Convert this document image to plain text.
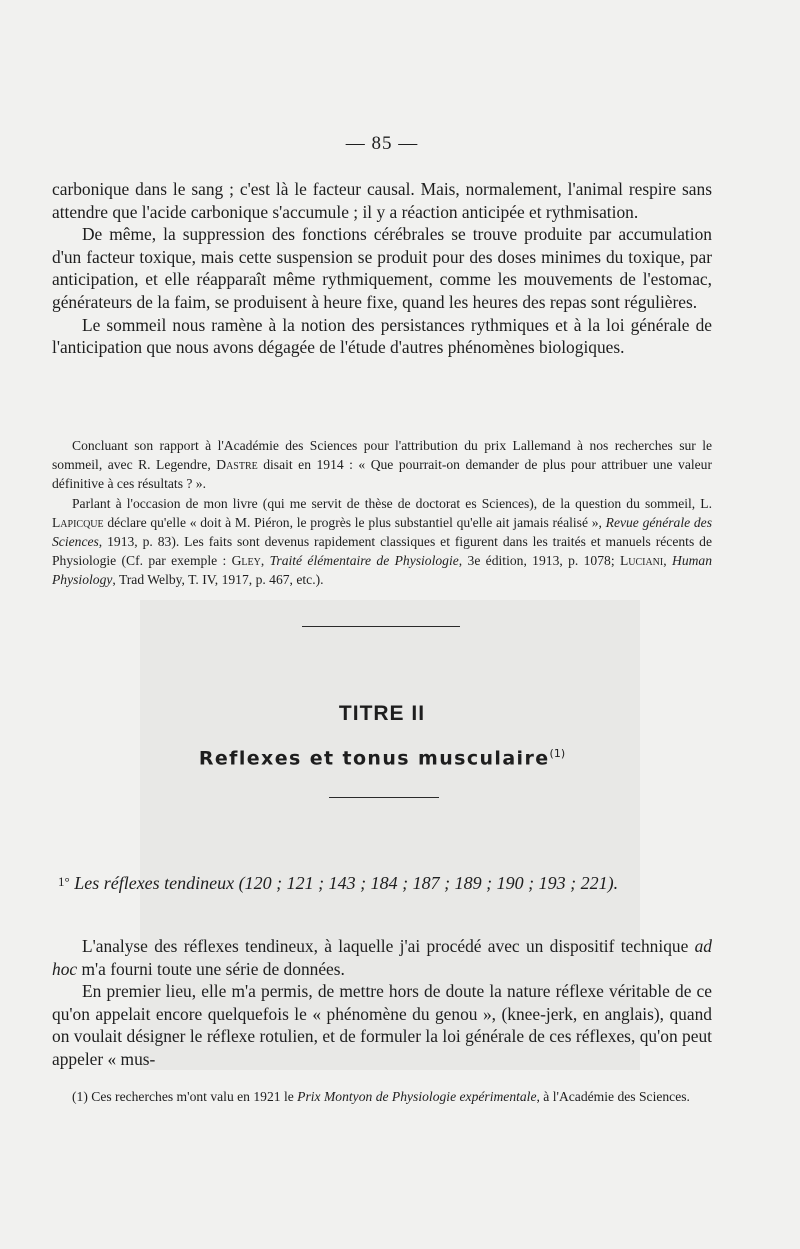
— 85 —

carbonique dans le sang ; c'est là le facteur causal. Mais, normalement, l'animal respire sans attendre que l'acide carbonique s'accumule ; il y a réaction anticipée et rythmisation.

De même, la suppression des fonctions cérébrales se trouve produite par accumulation d'un facteur toxique, mais cette suspension se produit pour des doses minimes du toxique, par anticipation, et elle réapparaît même rythmiquement, comme les mouvements de l'estomac, générateurs de la faim, se produisent à heure fixe, quand les heures des repas sont régulières.

Le sommeil nous ramène à la notion des persistances rythmiques et à la loi générale de l'anticipation que nous avons dégagée de l'étude d'autres phénomènes biologiques.

Concluant son rapport à l'Académie des Sciences pour l'attribution du prix Lallemand à nos recherches sur le sommeil, avec R. Legendre, Dastre disait en 1914 : « Que pourrait-on demander de plus pour attribuer une valeur définitive à ces résultats ? ».

Parlant à l'occasion de mon livre (qui me servit de thèse de doctorat es Sciences), de la question du sommeil, L. Lapicque déclare qu'elle « doit à M. Piéron, le progrès le plus substantiel qu'elle ait jamais réalisé », Revue générale des Sciences, 1913, p. 83). Les faits sont devenus rapidement classiques et figurent dans les traités et manuels récents de Physiologie (Cf. par exemple : Gley, Traité élémentaire de Physiologie, 3e édition, 1913, p. 1078; Luciani, Human Physiology, Trad Welby, T. IV, 1917, p. 467, etc.).

TITRE II
Reflexes et tonus musculaire$^{(1)}$
1° Les réflexes tendineux (120 ; 121 ; 143 ; 184 ; 187 ; 189 ; 190 ; 193 ; 221).

L'analyse des réflexes tendineux, à laquelle j'ai procédé avec un dispositif technique ad hoc m'a fourni toute une série de données.

En premier lieu, elle m'a permis, de mettre hors de doute la nature réflexe véritable de ce qu'on appelait encore quelquefois le « phénomène du genou », (knee-jerk, en anglais), quand on voulait désigner le réflexe rotulien, et de formuler la loi générale de ces réflexes, qu'on peut appeler « mus-

(1) Ces recherches m'ont valu en 1921 le Prix Montyon de Physiologie expérimentale, à l'Académie des Sciences.
